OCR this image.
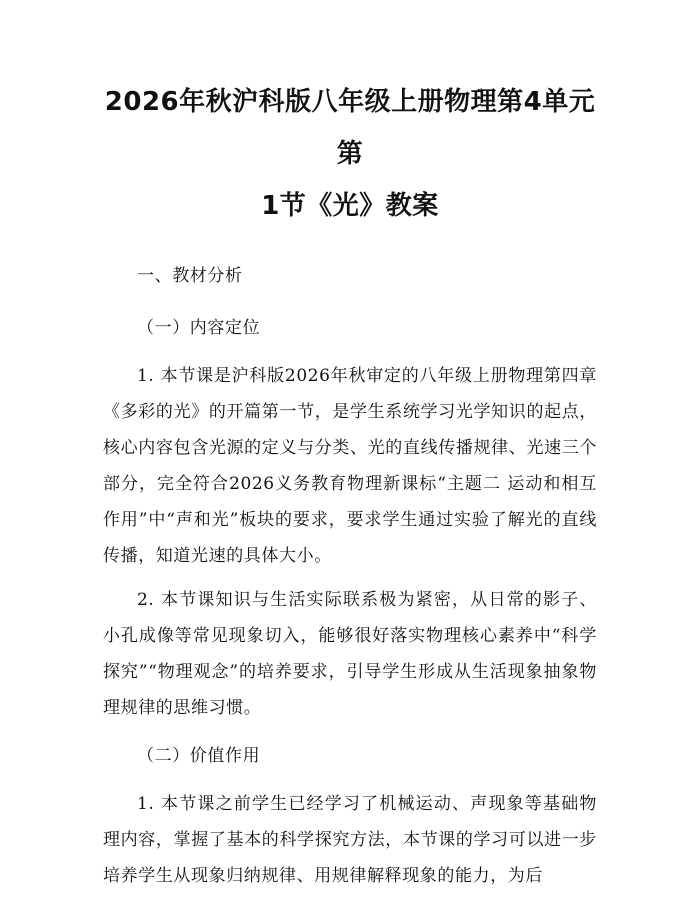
2026年秋沪科版八年级上册物理第4单元第
1节《光》教案

一、教材分析

（一）内容定位

1. 本节课是沪科版2026年秋审定的八年级上册物理第四章《多彩的光》的开篇第一节，是学生系统学习光学知识的起点，核心内容包含光源的定义与分类、光的直线传播规律、光速三个部分，完全符合2026义务教育物理新课标“主题二 运动和相互作用”中“声和光”板块的要求，要求学生通过实验了解光的直线传播，知道光速的具体大小。

2. 本节课知识与生活实际联系极为紧密，从日常的影子、小孔成像等常见现象切入，能够很好落实物理核心素养中“科学探究”“物理观念”的培养要求，引导学生形成从生活现象抽象物理规律的思维习惯。

（二）价值作用

1. 本节课之前学生已经学习了机械运动、声现象等基础物理内容，掌握了基本的科学探究方法，本节课的学习可以进一步培养学生从现象归纳规律、用规律解释现象的能力，为后
